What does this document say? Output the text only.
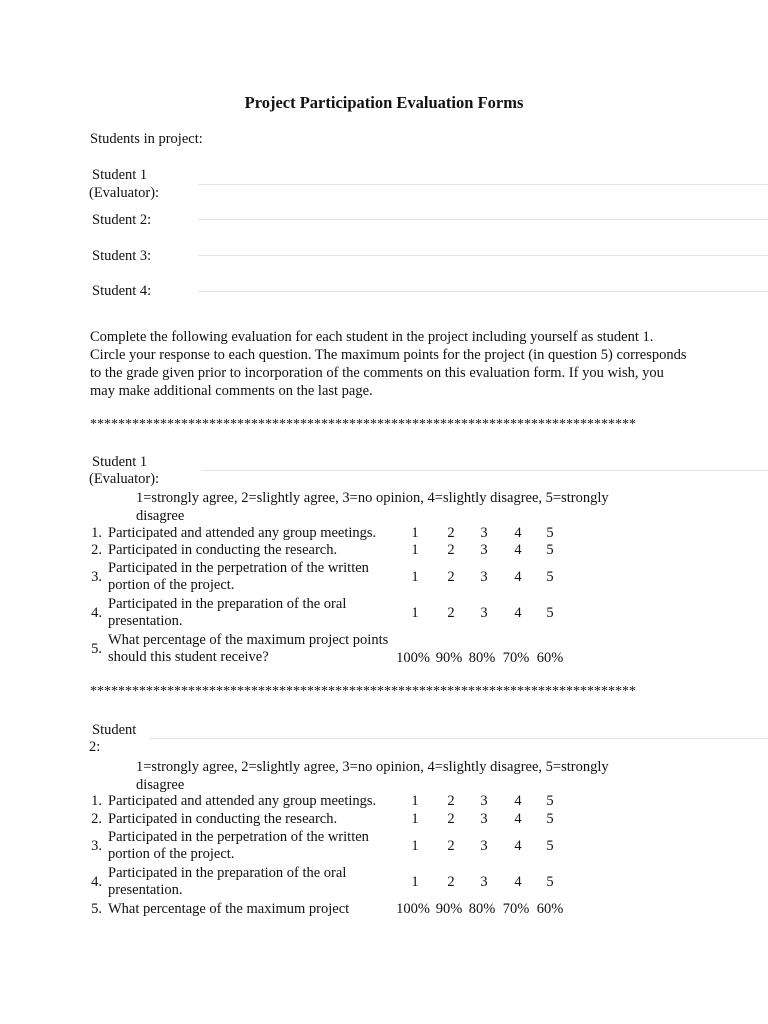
Project Participation Evaluation Forms
Students in project:
Student 1
(Evaluator):
Student 2:
Student 3:
Student 4:
Complete the following evaluation for each student in the project including yourself as student 1. Circle your response to each question. The maximum points for the project (in question 5) corresponds to the grade given prior to incorporation of the comments on this evaluation form. If you wish, you may make additional comments on the last page.
******************************************************************************
Student 1
(Evaluator):
1=strongly agree, 2=slightly agree, 3=no opinion, 4=slightly disagree, 5=strongly disagree
1. Participated and attended any group meetings.	1	2	3	4	5
2. Participated in conducting the research.	1	2	3	4	5
3.
Participated in the perpetration of the written portion of the project.	1	2	3	4	5
4.
Participated in the preparation of the oral presentation.	1	2	3	4	5
5.
What percentage of the maximum project points should this student receive?	100% 90% 80% 70% 60%
******************************************************************************
Student
2:
1=strongly agree, 2=slightly agree, 3=no opinion, 4=slightly disagree, 5=strongly disagree
1. Participated and attended any group meetings.	1	2	3	4	5
2. Participated in conducting the research.	1	2	3	4	5
3.
Participated in the perpetration of the written portion of the project.	1	2	3	4	5
4.
Participated in the preparation of the oral presentation.	1	2	3	4	5
5. What percentage of the maximum project	100% 90% 80% 70% 60%
